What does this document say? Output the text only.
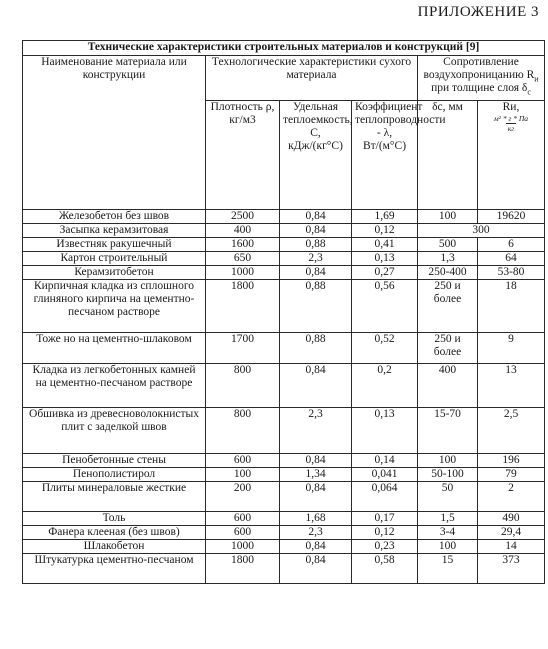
ПРИЛОЖЕНИЕ 3
Технические характеристики строительных материалов и конструкций [9]					
Наименование материала или конструкции	Технологические характеристики сухого материала			Сопротивление воздухопроницанию $R_и$ при толщине слоя $\delta_с$
	Плотность ρ, кг/м3	Удельная теплоемкость, С, кДж/(кг°С)	Коэффициент теплопроводности - λ, Вт/(м°С)	δс, мм	Rи,
м² * г * Па
кг

Железобетон без швов	2500	0,84	1,69	100	19620
Засыпка керамзитовая	400	0,84	0,12	300	
Известняк ракушечный	1600	0,88	0,41	500	6
Картон строительный	650	2,3	0,13	1,3	64
Керамзитобетон	1000	0,84	0,27	250-400	53-80
Кирпичная кладка из сплошного глиняного кирпича на цементно-песчаном растворе	1800	0,88	0,56	250 и более	18
Тоже но на цементно-шлаковом	1700	0,88	0,52	250 и более	9
Кладка из легкобетонных камней на цементно-песчаном растворе	800	0,84	0,2	400	13
Обшивка из древесноволокнистых плит с заделкой швов	800	2,3	0,13	15-70	2,5
Пенобетонные стены	600	0,84	0,14	100	196
Пенополистирол	100	1,34	0,041	50-100	79
Плиты минераловые жесткие	200	0,84	0,064	50	2
Толь	600	1,68	0,17	1,5	490
Фанера клееная (без швов)	600	2,3	0,12	3-4	29,4
Шлакобетон	1000	0,84	0,23	100	14
Штукатурка цементно-песчаном	1800	0,84	0,58	15	373
